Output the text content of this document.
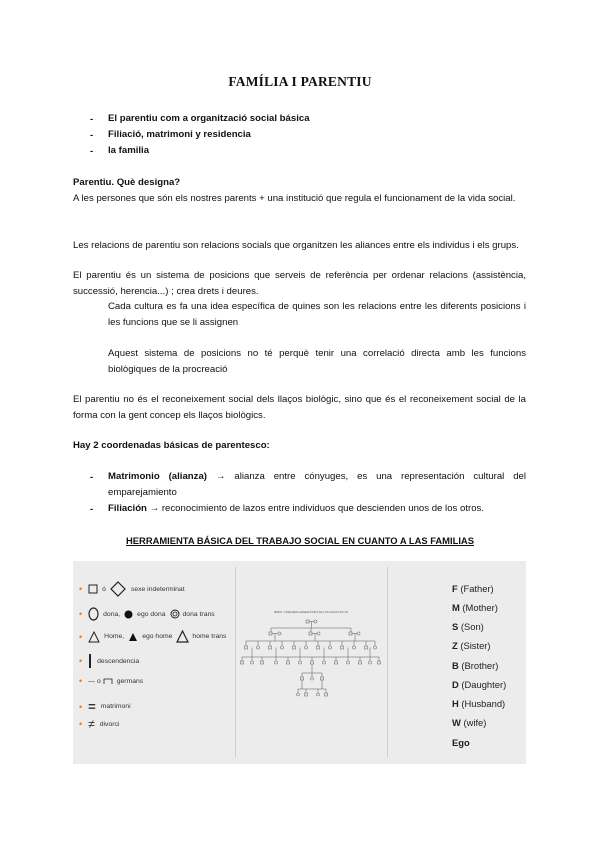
FAMÍLIA I PARENTIU
- El parentiu com a organització social básica
- Filiació, matrimoni y residencia
- la familia
Parentiu. Què designa?
A les persones que són els nostres parents + una institució que regula el funcionament de la vida social.
Les relacions de parentiu son relacions socials que organitzen les aliances entre els individus i els grups.
El parentiu és un sistema de posicions que serveis de referència per ordenar relacions (assistència, successió, herencia...) ; crea drets i deures.
Cada cultura es fa una idea específica de quines son les relacions entre les diferents posicions i les funcions que se li assignen
Aquest sistema de posicions no té perquè tenir una correlació directa amb les funcions biològiques de la procreació
El parentiu no és el reconeixement social dels llaços biològic, sino que és el reconeixement social de la forma con la gent concep els llaços biològics.
Hay 2 coordenadas básicas de parentesco:
- Matrimonio (alianza) → alianza entre cónyuges, es una representación cultural del emparejamiento
- Filiación → reconocimiento de lazos entre individuos que descienden unos de los otros.
HERRAMIENTA BÁSICA DEL TRABAJO SOCIAL EN CUANTO A LAS FAMILIAS
•	ó	sexe indeterminat
•	dona,	ego dona	dona trans
•	Home,	ego home	home trans
• descendencia
• — o germans
• = matrimoni
• ≠ divorci
ÁRBOL Y ESQUEMA GENEALÓGICO DE LOS SIGLOS XIX-XX
F (Father)
M (Mother)
S (Son)
Z (Sister)
B (Brother)
D (Daughter)
H (Husband)
W (wife)
Ego
